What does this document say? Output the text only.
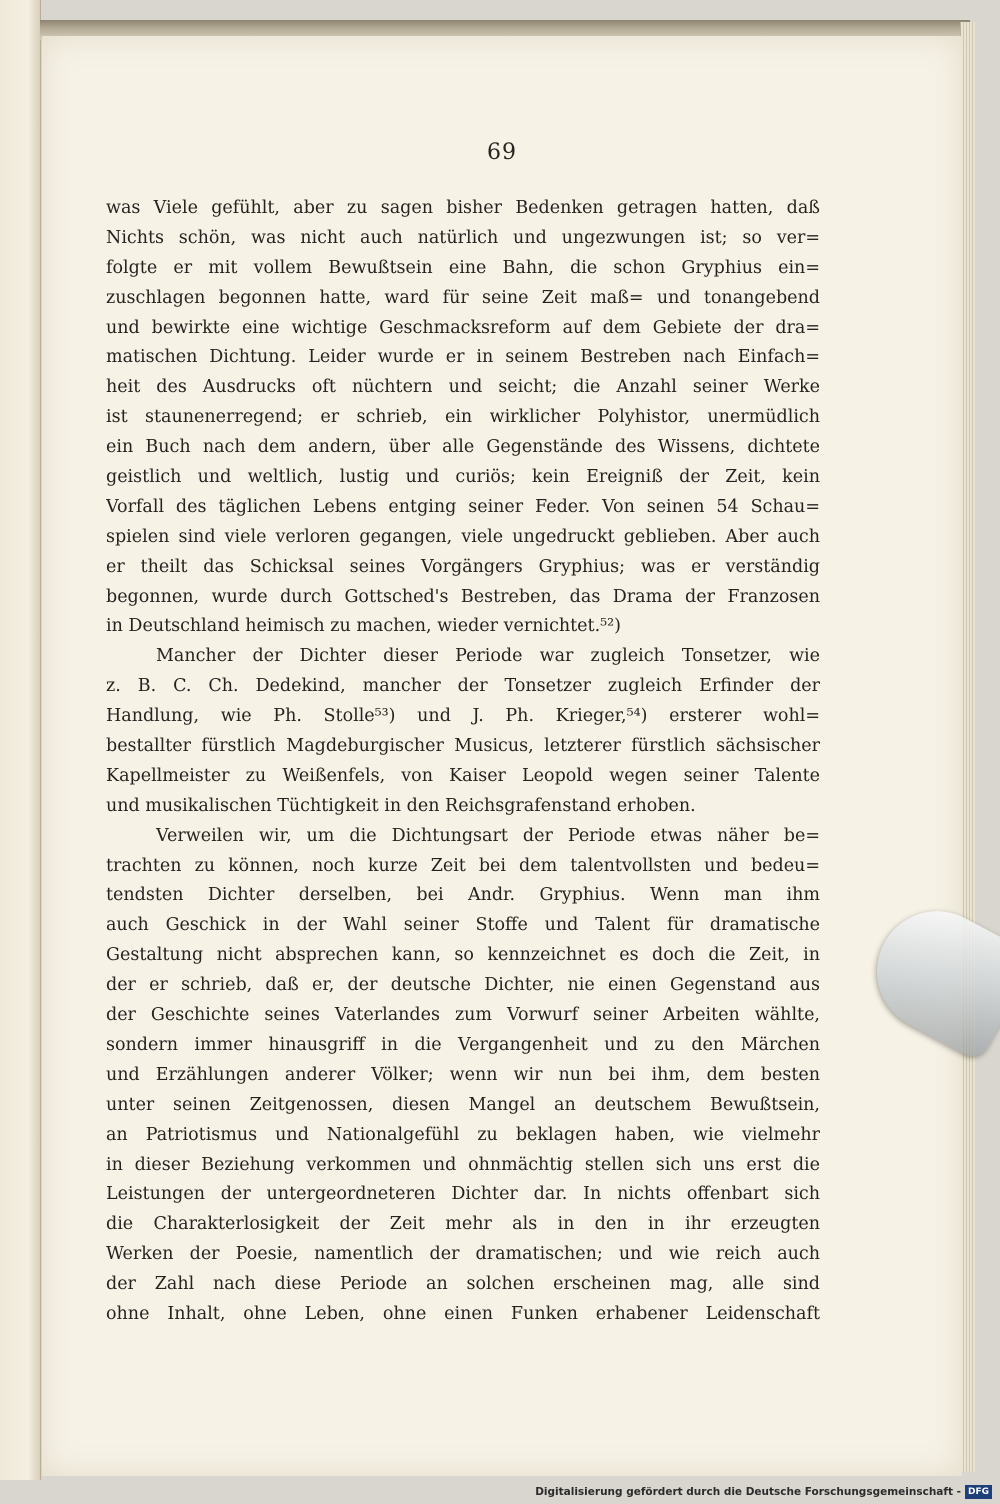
69
was Viele gefühlt, aber zu sagen bisher Bedenken getragen hatten, daß
Nichts schön, was nicht auch natürlich und ungezwungen ist; so ver=
folgte er mit vollem Bewußtsein eine Bahn, die schon Gryphius ein=
zuschlagen begonnen hatte, ward für seine Zeit maß= und tonangebend
und bewirkte eine wichtige Geschmacksreform auf dem Gebiete der dra=
matischen Dichtung. Leider wurde er in seinem Bestreben nach Einfach=
heit des Ausdrucks oft nüchtern und seicht; die Anzahl seiner Werke
ist staunenerregend; er schrieb, ein wirklicher Polyhistor, unermüdlich
ein Buch nach dem andern, über alle Gegenstände des Wissens, dichtete
geistlich und weltlich, lustig und curiös; kein Ereigniß der Zeit, kein
Vorfall des täglichen Lebens entging seiner Feder. Von seinen 54 Schau=
spielen sind viele verloren gegangen, viele ungedruckt geblieben. Aber auch
er theilt das Schicksal seines Vorgängers Gryphius; was er verständig
begonnen, wurde durch Gottsched's Bestreben, das Drama der Franzosen
in Deutschland heimisch zu machen, wieder vernichtet.⁵²)
Mancher der Dichter dieser Periode war zugleich Tonsetzer, wie
z. B. C. Ch. Dedekind, mancher der Tonsetzer zugleich Erfinder der
Handlung, wie Ph. Stolle⁵³) und J. Ph. Krieger,⁵⁴) ersterer wohl=
bestallter fürstlich Magdeburgischer Musicus, letzterer fürstlich sächsischer
Kapellmeister zu Weißenfels, von Kaiser Leopold wegen seiner Talente
und musikalischen Tüchtigkeit in den Reichsgrafenstand erhoben.
Verweilen wir, um die Dichtungsart der Periode etwas näher be=
trachten zu können, noch kurze Zeit bei dem talentvollsten und bedeu=
tendsten Dichter derselben, bei Andr. Gryphius. Wenn man ihm
auch Geschick in der Wahl seiner Stoffe und Talent für dramatische
Gestaltung nicht absprechen kann, so kennzeichnet es doch die Zeit, in
der er schrieb, daß er, der deutsche Dichter, nie einen Gegenstand aus
der Geschichte seines Vaterlandes zum Vorwurf seiner Arbeiten wählte,
sondern immer hinausgriff in die Vergangenheit und zu den Märchen
und Erzählungen anderer Völker; wenn wir nun bei ihm, dem besten
unter seinen Zeitgenossen, diesen Mangel an deutschem Bewußtsein,
an Patriotismus und Nationalgefühl zu beklagen haben, wie vielmehr
in dieser Beziehung verkommen und ohnmächtig stellen sich uns erst die
Leistungen der untergeordneteren Dichter dar. In nichts offenbart sich
die Charakterlosigkeit der Zeit mehr als in den in ihr erzeugten
Werken der Poesie, namentlich der dramatischen; und wie reich auch
der Zahl nach diese Periode an solchen erscheinen mag, alle sind
ohne Inhalt, ohne Leben, ohne einen Funken erhabener Leidenschaft
Digitalisierung gefördert durch die Deutsche Forschungsgemeinschaft - DFG
